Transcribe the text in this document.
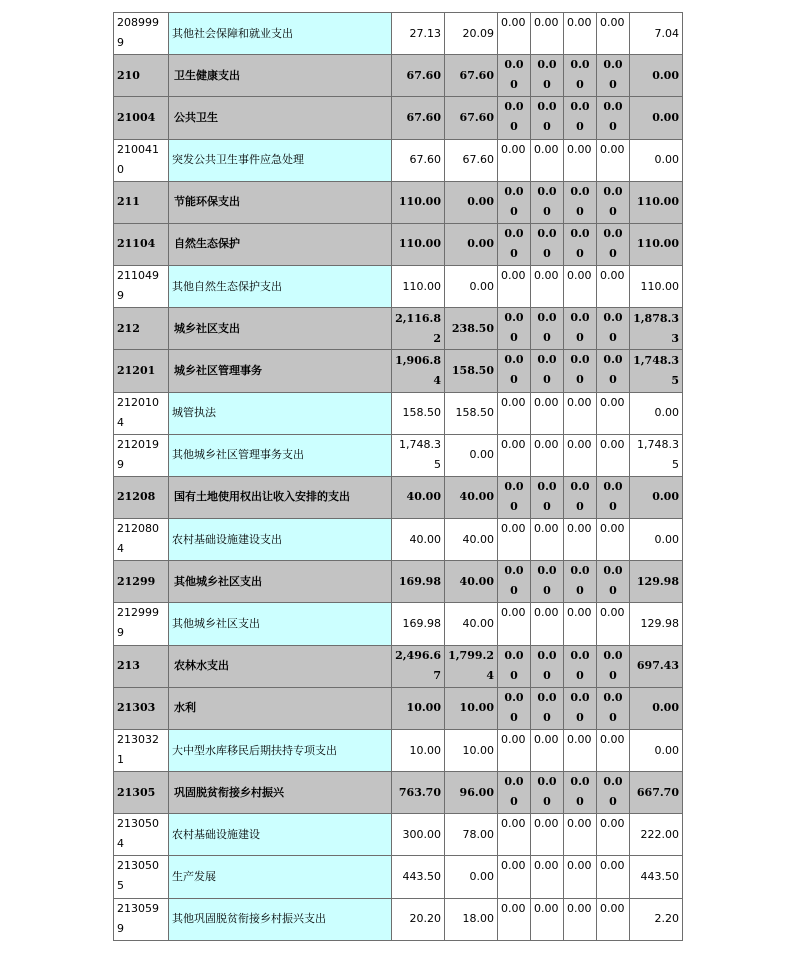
2089999	其他社会保障和就业支出	27.13	20.09	0.00	0.00	0.00	0.00	7.04
210	卫生健康支出	67.60	67.60	0.00	0.00	0.00	0.00	0.00
21004	公共卫生	67.60	67.60	0.00	0.00	0.00	0.00	0.00
2100410	突发公共卫生事件应急处理	67.60	67.60	0.00	0.00	0.00	0.00	0.00
211	节能环保支出	110.00	0.00	0.00	0.00	0.00	0.00	110.00
21104	自然生态保护	110.00	0.00	0.00	0.00	0.00	0.00	110.00
2110499	其他自然生态保护支出	110.00	0.00	0.00	0.00	0.00	0.00	110.00
212	城乡社区支出	2,116.82	238.50	0.00	0.00	0.00	0.00	1,878.33
21201	城乡社区管理事务	1,906.84	158.50	0.00	0.00	0.00	0.00	1,748.35
2120104	城管执法	158.50	158.50	0.00	0.00	0.00	0.00	0.00
2120199	其他城乡社区管理事务支出	1,748.35	0.00	0.00	0.00	0.00	0.00	1,748.35
21208	国有土地使用权出让收入安排的支出	40.00	40.00	0.00	0.00	0.00	0.00	0.00
2120804	农村基础设施建设支出	40.00	40.00	0.00	0.00	0.00	0.00	0.00
21299	其他城乡社区支出	169.98	40.00	0.00	0.00	0.00	0.00	129.98
2129999	其他城乡社区支出	169.98	40.00	0.00	0.00	0.00	0.00	129.98
213	农林水支出	2,496.67	1,799.24	0.00	0.00	0.00	0.00	697.43
21303	水利	10.00	10.00	0.00	0.00	0.00	0.00	0.00
2130321	大中型水库移民后期扶持专项支出	10.00	10.00	0.00	0.00	0.00	0.00	0.00
21305	巩固脱贫衔接乡村振兴	763.70	96.00	0.00	0.00	0.00	0.00	667.70
2130504	农村基础设施建设	300.00	78.00	0.00	0.00	0.00	0.00	222.00
2130505	生产发展	443.50	0.00	0.00	0.00	0.00	0.00	443.50
2130599	其他巩固脱贫衔接乡村振兴支出	20.20	18.00	0.00	0.00	0.00	0.00	2.20
